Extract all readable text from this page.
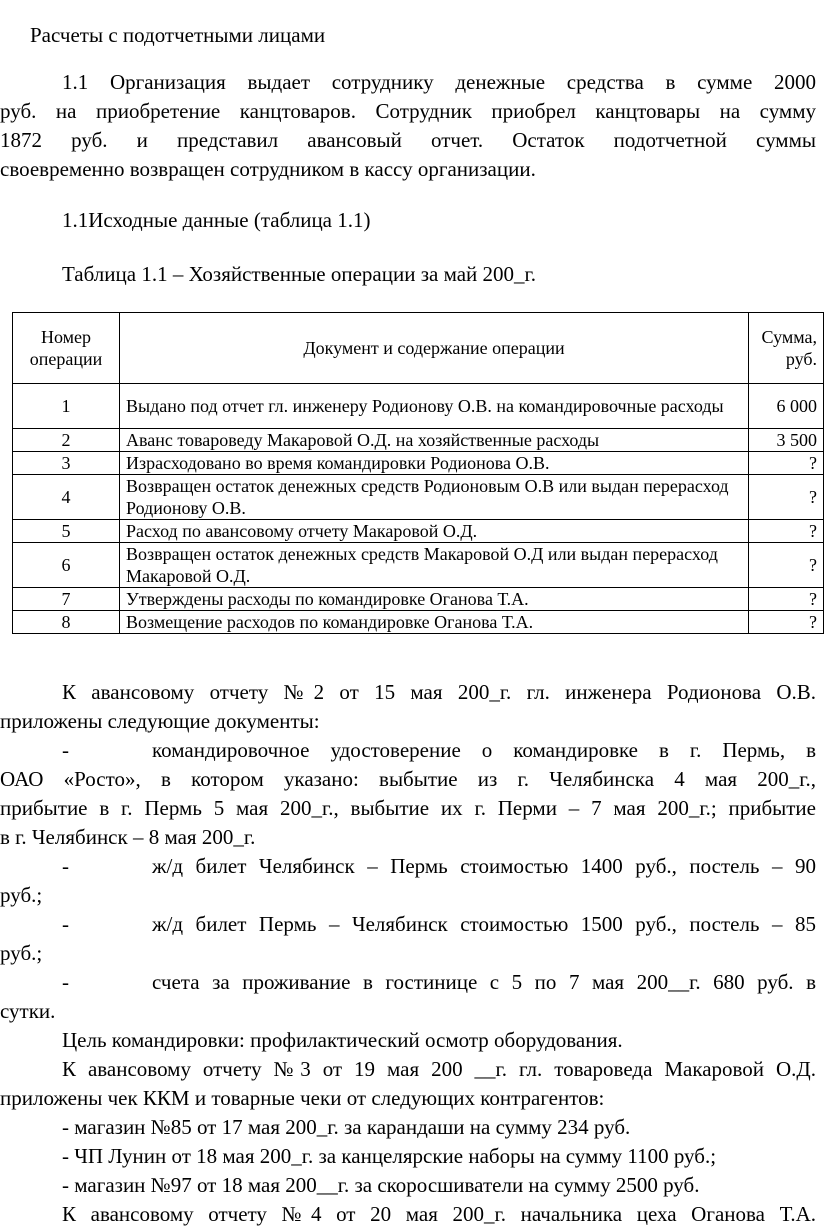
Расчеты с подотчетными лицами
1.1 Организация выдает сотруднику денежные средства в сумме 2000
руб. на приобретение канцтоваров. Сотрудник приобрел канцтовары на сумму
1872 руб. и представил авансовый отчет. Остаток подотчетной суммы
своевременно возвращен сотрудником в кассу организации.
1.1Исходные данные (таблица 1.1)
Таблица 1.1 – Хозяйственные операции за май 200_г.
Номер операции	Документ и содержание операции	Сумма, руб.
1	Выдано под отчет гл. инженеру Родионову О.В. на командировочные расходы	6 000
2	Аванс товароведу Макаровой О.Д. на хозяйственные расходы	3 500
3	Израсходовано во время командировки Родионова О.В.	?
4	Возвращен остаток денежных средств Родионовым О.В или выдан перерасход Родионову О.В.	?
5	Расход по авансовому отчету Макаровой О.Д.	?
6	Возвращен остаток денежных средств Макаровой О.Д или выдан перерасход Макаровой О.Д.	?
7	Утверждены расходы по командировке Оганова Т.А.	?
8	Возмещение расходов по командировке Оганова Т.А.	?
К авансовому отчету №2 от 15 мая 200_г. гл. инженера Родионова О.В.
приложены следующие документы:
-	командировочное удостоверение о командировке в г. Пермь, в
ОАО «Росто», в котором указано: выбытие из г. Челябинска 4 мая 200_г.,
прибытие в г. Пермь 5 мая 200_г., выбытие их г. Перми – 7 мая 200_г.; прибытие
в г. Челябинск – 8 мая 200_г.
-	ж/д билет Челябинск – Пермь стоимостью 1400 руб., постель – 90
руб.;
-	ж/д билет Пермь – Челябинск стоимостью 1500 руб., постель – 85
руб.;
-	счета за проживание в гостинице с 5 по 7 мая 200__г. 680 руб. в
сутки.
Цель командировки: профилактический осмотр оборудования.
К авансовому отчету №3 от 19 мая 200 __г. гл. товароведа Макаровой О.Д.
приложены чек ККМ и товарные чеки от следующих контрагентов:
- магазин №85 от 17 мая 200_г. за карандаши на сумму 234 руб.
- ЧП Лунин от 18 мая 200_г. за канцелярские наборы на сумму 1100 руб.;
- магазин №97 от 18 мая 200__г. за скоросшиватели на сумму 2500 руб.
К авансовому отчету №4 от 20 мая 200_г. начальника цеха Оганова Т.А.
